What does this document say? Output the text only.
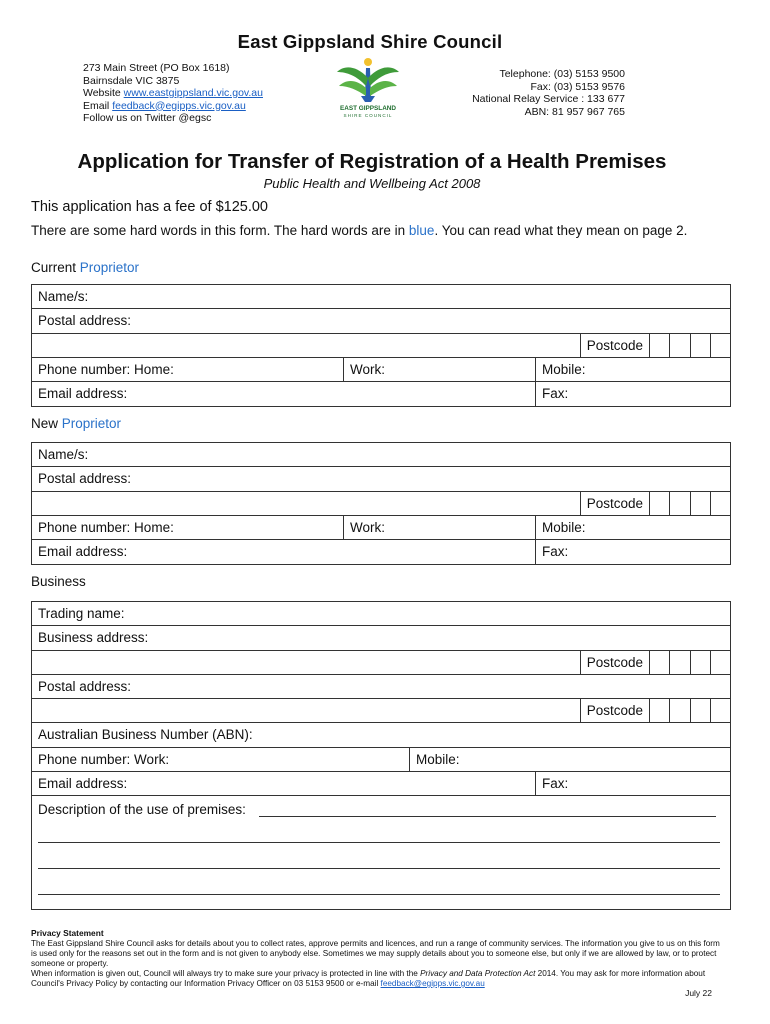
East Gippsland Shire Council
273 Main Street (PO Box 1618)
Bairnsdale VIC 3875
Website www.eastgippsland.vic.gov.au
Email feedback@egipps.vic.gov.au
Follow us on Twitter @egsc
EAST GIPPSLAND
SHIRE COUNCIL
Telephone: (03) 5153 9500
Fax: (03) 5153 9576
National Relay Service : 133 677
ABN: 81 957 967 765
Application for Transfer of Registration of a Health Premises
Public Health and Wellbeing Act 2008
This application has a fee of $125.00
There are some hard words in this form. The hard words are in blue. You can read what they mean on page 2.
Current Proprietor
Name/s:
Postal address:
Postcode
Phone number: Home:	Work:	Mobile:
Email address:	Fax:
New Proprietor
Name/s:
Postal address:
Postcode
Phone number: Home:	Work:	Mobile:
Email address:	Fax:
Business
Trading name:
Business address:
Postcode
Postal address:
Postcode
Australian Business Number (ABN):
Phone number: Work:	Mobile:
Email address:	Fax:
Description of the use of premises:
Privacy Statement
The East Gippsland Shire Council asks for details about you to collect rates, approve permits and licences, and run a range of community services. The information you give to us on this form is used only for the reasons set out in the form and is not given to anybody else. Sometimes we may supply details about you to someone else, but only if we are allowed by law, or to protect someone or property.
When information is given out, Council will always try to make sure your privacy is protected in line with the Privacy and Data Protection Act 2014. You may ask for more information about Council's Privacy Policy by contacting our Information Privacy Officer on 03 5153 9500 or e-mail feedback@egipps.vic.gov.au
July 22
